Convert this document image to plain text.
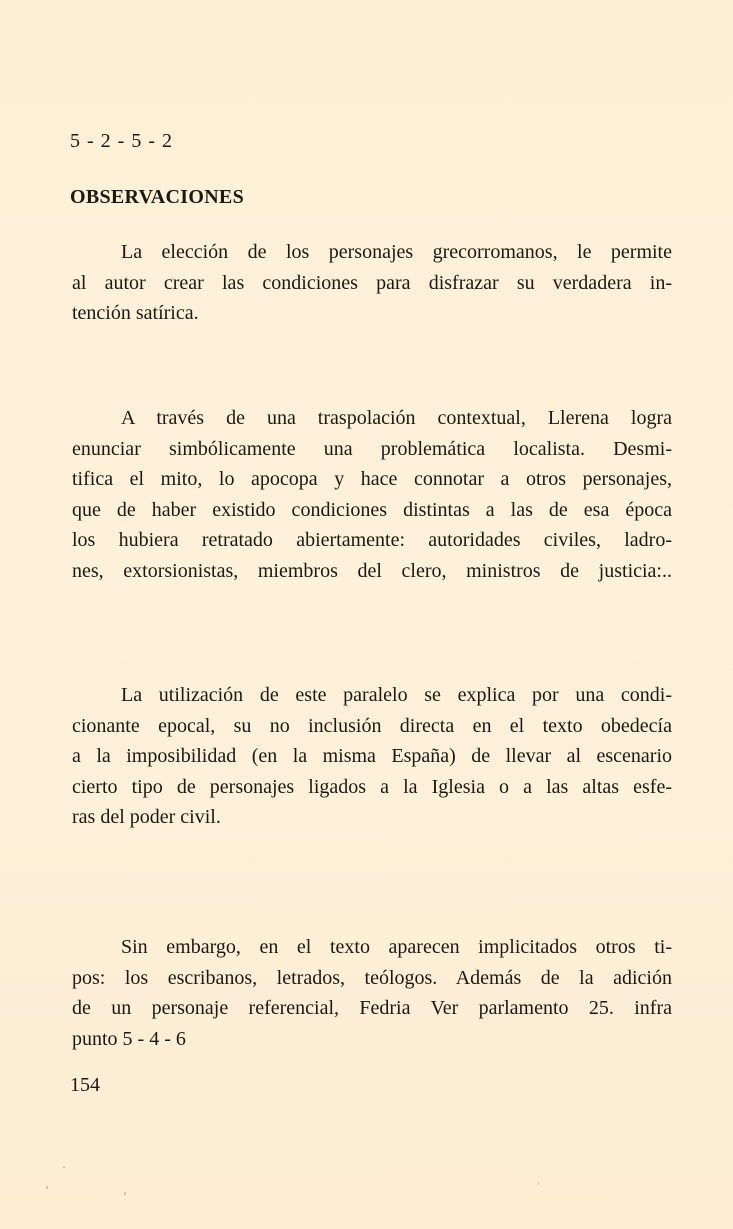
5 - 2 - 5 - 2
OBSERVACIONES
La elección de los personajes grecorromanos, le permite
al autor crear las condiciones para disfrazar su verdadera in-
tención satírica.
A través de una traspolación contextual, Llerena logra
enunciar simbólicamente una problemática localista. Desmi-
tifica el mito, lo apocopa y hace connotar a otros personajes,
que de haber existido condiciones distintas a las de esa época
los hubiera retratado abiertamente: autoridades civiles, ladro-
nes, extorsionistas, miembros del clero, ministros de justicia:..
La utilización de este paralelo se explica por una condi-
cionante epocal, su no inclusión directa en el texto obedecía
a la imposibilidad (en la misma España) de llevar al escenario
cierto tipo de personajes ligados a la Iglesia o a las altas esfe-
ras del poder civil.
Sin embargo, en el texto aparecen implicitados otros ti-
pos: los escribanos, letrados, teólogos. Además de la adición
de un personaje referencial, Fedria Ver parlamento 25. infra
punto 5 - 4 - 6
154
